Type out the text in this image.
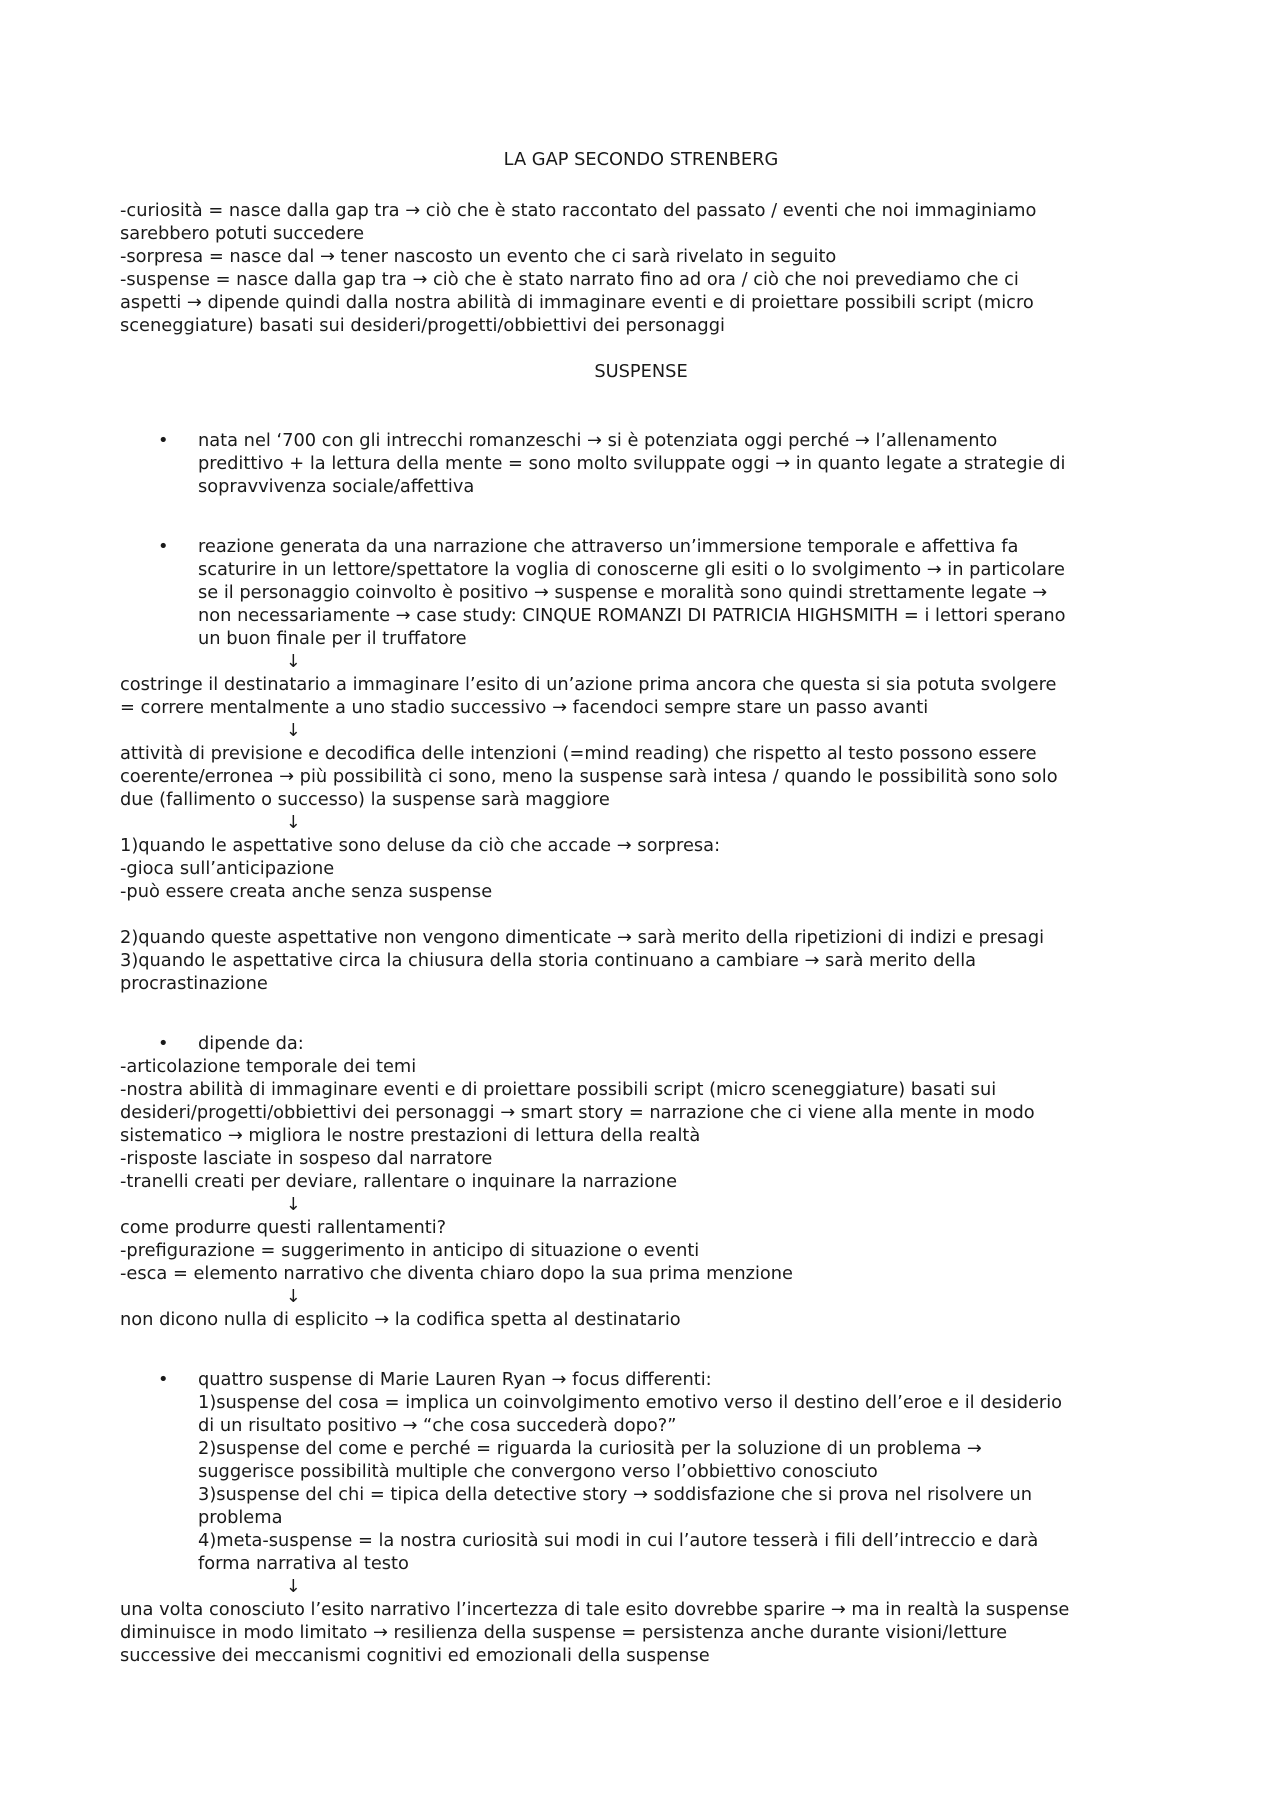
LA GAP SECONDO STRENBERG

-curiosità = nasce dalla gap tra → ciò che è stato raccontato del passato / eventi che noi immaginiamo

sarebbero potuti succedere

-sorpresa = nasce dal → tener nascosto un evento che ci sarà rivelato in seguito

-suspense = nasce dalla gap tra → ciò che è stato narrato fino ad ora / ciò che noi prevediamo che ci

aspetti → dipende quindi dalla nostra abilità di immaginare eventi e di proiettare possibili script (micro

sceneggiature) basati sui desideri/progetti/obbiettivi dei personaggi

SUSPENSE
• nata nel ‘700 con gli intrecchi romanzeschi → si è potenziata oggi perché → l’allenamento

predittivo + la lettura della mente = sono molto sviluppate oggi → in quanto legate a strategie di

sopravvivenza sociale/affettiva

• reazione generata da una narrazione che attraverso un’immersione temporale e affettiva fa

scaturire in un lettore/spettatore la voglia di conoscerne gli esiti o lo svolgimento → in particolare

se il personaggio coinvolto è positivo → suspense e moralità sono quindi strettamente legate →

non necessariamente → case study: CINQUE ROMANZI DI PATRICIA HIGHSMITH = i lettori sperano

un buon finale per il truffatore

↓

costringe il destinatario a immaginare l’esito di un’azione prima ancora che questa si sia potuta svolgere

= correre mentalmente a uno stadio successivo → facendoci sempre stare un passo avanti

↓

attività di previsione e decodifica delle intenzioni (=mind reading) che rispetto al testo possono essere

coerente/erronea → più possibilità ci sono, meno la suspense sarà intesa / quando le possibilità sono solo

due (fallimento o successo) la suspense sarà maggiore

↓

1)quando le aspettative sono deluse da ciò che accade → sorpresa:

-gioca sull’anticipazione

-può essere creata anche senza suspense

2)quando queste aspettative non vengono dimenticate → sarà merito della ripetizioni di indizi e presagi

3)quando le aspettative circa la chiusura della storia continuano a cambiare → sarà merito della

procrastinazione

• dipende da:

-articolazione temporale dei temi

-nostra abilità di immaginare eventi e di proiettare possibili script (micro sceneggiature) basati sui

desideri/progetti/obbiettivi dei personaggi → smart story = narrazione che ci viene alla mente in modo

sistematico → migliora le nostre prestazioni di lettura della realtà

-risposte lasciate in sospeso dal narratore

-tranelli creati per deviare, rallentare o inquinare la narrazione

↓

come produrre questi rallentamenti?

-prefigurazione = suggerimento in anticipo di situazione o eventi

-esca = elemento narrativo che diventa chiaro dopo la sua prima menzione

↓

non dicono nulla di esplicito → la codifica spetta al destinatario

• quattro suspense di Marie Lauren Ryan → focus differenti:

1)suspense del cosa = implica un coinvolgimento emotivo verso il destino dell’eroe e il desiderio

di un risultato positivo → “che cosa succederà dopo?”

2)suspense del come e perché = riguarda la curiosità per la soluzione di un problema →

suggerisce possibilità multiple che convergono verso l’obbiettivo conosciuto

3)suspense del chi = tipica della detective story → soddisfazione che si prova nel risolvere un

problema

4)meta-suspense = la nostra curiosità sui modi in cui l’autore tesserà i fili dell’intreccio e darà

forma narrativa al testo

↓

una volta conosciuto l’esito narrativo l’incertezza di tale esito dovrebbe sparire → ma in realtà la suspense

diminuisce in modo limitato → resilienza della suspense = persistenza anche durante visioni/letture

successive dei meccanismi cognitivi ed emozionali della suspense
